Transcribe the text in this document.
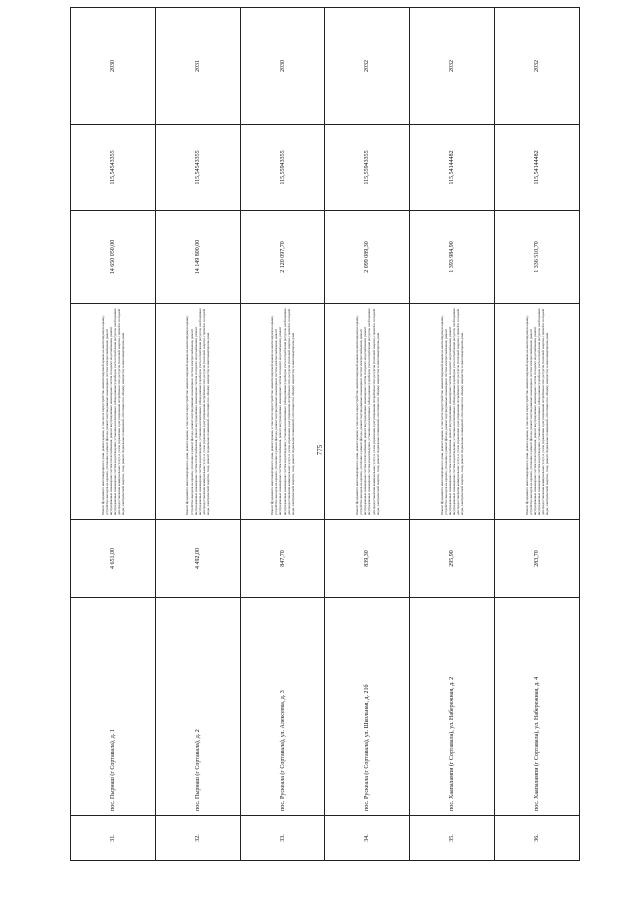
775
31.	пос. Пырнаш (г Сортавала), д. 1	4 651,00	Ремонт фундамента многоквартирного дома, ремонт крыши, в том числе переустройство невентилируемой крыши на вентилируемую крышу, устройство выходов на кровлю, утепление и ремонт фасада, ремонт внутридомовых инженерных систем электроснабжения, ремонт внутридомовых инженерных систем теплоснабжения, ремонт внутридомовых инженерных систем холодного водоснабжения, ремонт внутридомовых инженерных систем водоотведения, установка коллективных (общедомовых) приборов учета потребления ресурсов, необходимых для предоставления коммунальных услуг, и узлов управления и регулирования потребления этих ресурсов (тепловой энергии, горячей и холодной воды, электрической энергии, газа), ремонт подвальных помещений, относящихся к общему имуществу в многоквартирном доме	14 650 050,00	115,54543355	2030
32.	пос. Пырнаш (г Сортавала), д. 2	4 492,00	Ремонт фундамента многоквартирного дома, ремонт крыши, в том числе переустройство невентилируемой крыши на вентилируемую крышу, устройство выходов на кровлю, утепление и ремонт фасада, ремонт внутридомовых инженерных систем электроснабжения, ремонт внутридомовых инженерных систем теплоснабжения, ремонт внутридомовых инженерных систем холодного водоснабжения, ремонт внутридомовых инженерных систем водоотведения, установка коллективных (общедомовых) приборов учета потребления ресурсов, необходимых для предоставления коммунальных услуг, и узлов управления и регулирования потребления этих ресурсов (тепловой энергии, горячей и холодной воды, электрической энергии, газа), ремонт подвальных помещений, относящихся к общему имуществу в многоквартирном доме	14 149 800,00	115,54543355	2031
33.	пос. Рускеала (г Сортавала), ул. Алексеева, д. 3	847,70	Ремонт фундамента многоквартирного дома, ремонт крыши, в том числе переустройство невентилируемой крыши на вентилируемую крышу, устройство выходов на кровлю, утепление и ремонт фасада, ремонт внутридомовых инженерных систем электроснабжения, ремонт внутридомовых инженерных систем теплоснабжения, ремонт внутридомовых инженерных систем холодного водоснабжения, ремонт внутридомовых инженерных систем водоотведения, установка коллективных (общедомовых) приборов учета потребления ресурсов, необходимых для предоставления коммунальных услуг, и узлов управления и регулирования потребления этих ресурсов (тепловой энергии, горячей и холодной воды, электрической энергии, газа), ремонт подвальных помещений, относящихся к общему имуществу в многоквартирном доме	2 120 097,70	115,55943355	2030
34.	пос. Рускеала (г Сортавала), ул. Школьная, д. 21б	839,30	Ремонт фундамента многоквартирного дома, ремонт крыши, в том числе переустройство невентилируемой крыши на вентилируемую крышу, устройство выходов на кровлю, утепление и ремонт фасада, ремонт внутридомовых инженерных систем электроснабжения, ремонт внутридомовых инженерных систем теплоснабжения, ремонт внутридомовых инженерных систем холодного водоснабжения, ремонт внутридомовых инженерных систем водоотведения, установка коллективных (общедомовых) приборов учета потребления ресурсов, необходимых для предоставления коммунальных услуг, и узлов управления и регулирования потребления этих ресурсов (тепловой энергии, горячей и холодной воды, электрической энергии, газа), ремонт подвальных помещений, относящихся к общему имуществу в многоквартирном доме	2 099 089,30	115,55943355	2032
35.	пос. Хаапалампи (г Сортавала), ул. Набережная, д. 2	295,90	Ремонт фундамента многоквартирного дома, ремонт крыши, в том числе переустройство невентилируемой крыши на вентилируемую крышу, устройство выходов на кровлю, утепление и ремонт фасада, ремонт внутридомовых инженерных систем электроснабжения, ремонт внутридомовых инженерных систем теплоснабжения, ремонт внутридомовых инженерных систем холодного водоснабжения, ремонт внутридомовых инженерных систем водоотведения, установка коллективных (общедомовых) приборов учета потребления ресурсов, необходимых для предоставления коммунальных услуг, и узлов управления и регулирования потребления этих ресурсов (тепловой энергии, горячей и холодной воды, электрической энергии, газа), ремонт подвальных помещений, относящихся к общему имуществу в многоквартирном доме	1 393 984,90	115,54144482	2032
36.	пос. Хаапалампи (г Сортавала), ул. Набережная, д. 4	283,70	Ремонт фундамента многоквартирного дома, ремонт крыши, в том числе переустройство невентилируемой крыши на вентилируемую крышу, устройство выходов на кровлю, утепление и ремонт фасада, ремонт внутридомовых инженерных систем электроснабжения, ремонт внутридомовых инженерных систем теплоснабжения, ремонт внутридомовых инженерных систем холодного водоснабжения, ремонт внутридомовых инженерных систем водоотведения, установка коллективных (общедомовых) приборов учета потребления ресурсов, необходимых для предоставления коммунальных услуг, и узлов управления и регулирования потребления этих ресурсов (тепловой энергии, горячей и холодной воды, электрической энергии, газа), ремонт подвальных помещений, относящихся к общему имуществу в многоквартирном доме	1 336 510,70	115,54144482	2032
